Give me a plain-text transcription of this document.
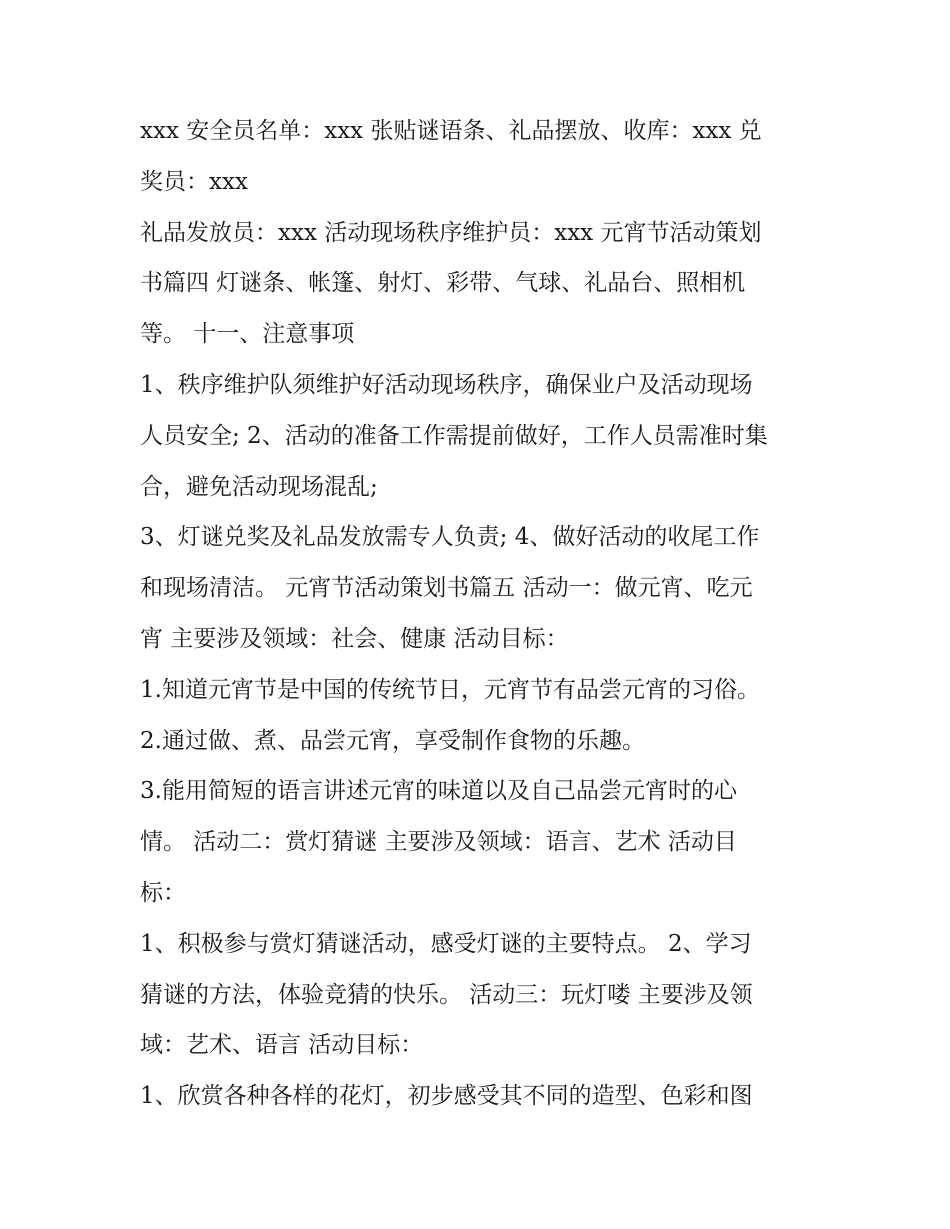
xxx 安全员名单：xxx 张贴谜语条、礼品摆放、收库：xxx 兑
奖员：xxx
礼品发放员：xxx 活动现场秩序维护员：xxx 元宵节活动策划
书篇四 灯谜条、帐篷、射灯、彩带、气球、礼品台、照相机
等。 十一、注意事项
1、秩序维护队须维护好活动现场秩序，确保业户及活动现场
人员安全; 2、活动的准备工作需提前做好，工作人员需准时集
合，避免活动现场混乱;
3、灯谜兑奖及礼品发放需专人负责; 4、做好活动的收尾工作
和现场清洁。 元宵节活动策划书篇五 活动一：做元宵、吃元
宵 主要涉及领域：社会、健康 活动目标：
1.知道元宵节是中国的传统节日，元宵节有品尝元宵的习俗。
2.通过做、煮、品尝元宵，享受制作食物的乐趣。
3.能用简短的语言讲述元宵的味道以及自己品尝元宵时的心
情。 活动二：赏灯猜谜 主要涉及领域：语言、艺术 活动目
标：
1、积极参与赏灯猜谜活动，感受灯谜的主要特点。 2、学习
猜谜的方法，体验竞猜的快乐。 活动三：玩灯喽 主要涉及领
域：艺术、语言 活动目标：
1、欣赏各种各样的花灯，初步感受其不同的造型、色彩和图
